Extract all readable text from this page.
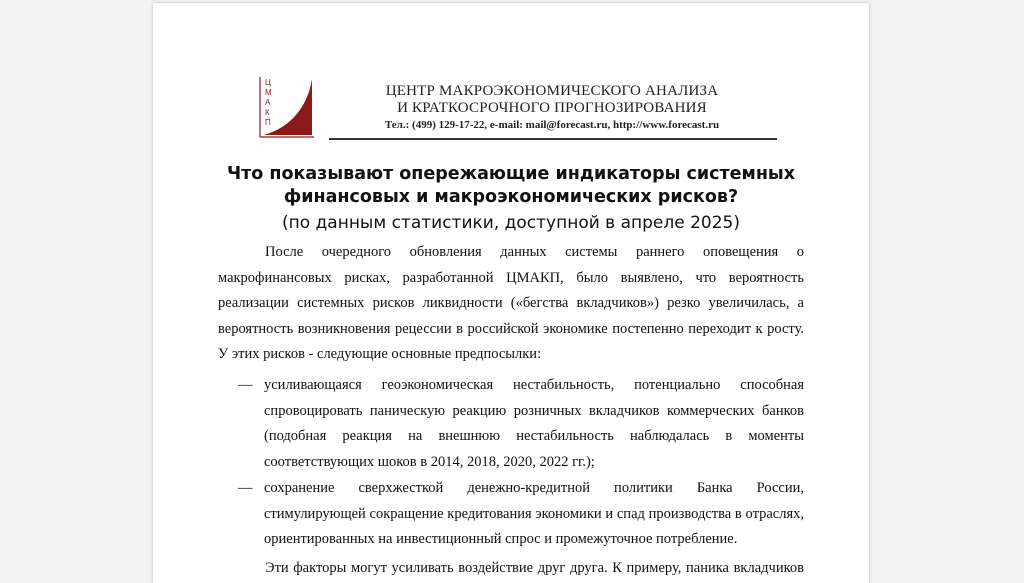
Ц
М
А
К
П
ЦЕНТР МАКРОЭКОНОМИЧЕСКОГО АНАЛИЗА
И КРАТКОСРОЧНОГО ПРОГНОЗИРОВАНИЯ
Тел.: (499) 129-17-22, e-mail: mail@forecast.ru, http://www.forecast.ru
Что показывают опережающие индикаторы системных
финансовых и макроэкономических рисков?
(по данным статистики, доступной в апреле 2025)

После очередного обновления данных системы раннего оповещения о макрофинансовых рисках, разработанной ЦМАКП, было выявлено, что вероятность реализации системных рисков ликвидности («бегства вкладчиков») резко увеличилась, а вероятность возникновения рецессии в российской экономике постепенно переходит к росту. У этих рисков - следующие основные предпосылки:

— усиливающаяся геоэкономическая нестабильность, потенциально способная спровоцировать паническую реакцию розничных вкладчиков коммерческих банков (подобная реакция на внешнюю нестабильность наблюдалась в моменты соответствующих шоков в 2014, 2018, 2020, 2022 гг.);
— сохранение сверхжесткой денежно-кредитной политики Банка России, стимулирующей сокращение кредитования экономики и спад производства в отраслях, ориентированных на инвестиционный спрос и промежуточное потребление.
Эти факторы могут усиливать воздействие друг друга. К примеру, паника вкладчиков
